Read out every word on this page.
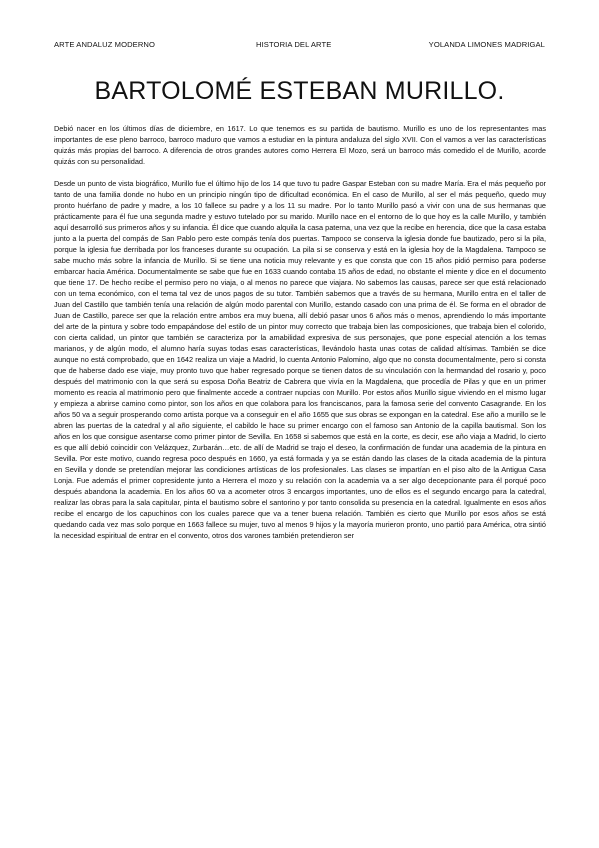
ARTE ANDALUZ MODERNO	HISTORIA DEL ARTE	YOLANDA LIMONES MADRIGAL
BARTOLOMÉ ESTEBAN MURILLO.

Debió nacer en los últimos días de diciembre, en 1617. Lo que tenemos es su partida de bautismo. Murillo es uno de los representantes mas importantes de ese pleno barroco, barroco maduro que vamos a estudiar en la pintura andaluza del siglo XVII. Con el vamos a ver las características quizás más propias del barroco. A diferencia de otros grandes autores como Herrera El Mozo, será un barroco más comedido el de Murillo, acorde quizás con su personalidad.

Desde un punto de vista biográfico, Murillo fue el último hijo de los 14 que tuvo tu padre Gaspar Esteban con su madre María. Era el más pequeño por tanto de una familia donde no hubo en un principio ningún tipo de dificultad económica. En el caso de Murillo, al ser el más pequeño, quedo muy pronto huérfano de padre y madre, a los 10 fallece su padre y a los 11 su madre. Por lo tanto Murillo pasó a vivir con una de sus hermanas que prácticamente para él fue una segunda madre y estuvo tutelado por su marido. Murillo nace en el entorno de lo que hoy es la calle Murillo, y también aquí desarrolló sus primeros años y su infancia. Él dice que cuando alquila la casa paterna, una vez que la recibe en herencia, dice que la casa estaba junto a la puerta del compás de San Pablo pero este compás tenía dos puertas. Tampoco se conserva la iglesia donde fue bautizado, pero si la pila, porque la iglesia fue derribada por los franceses durante su ocupación. La pila si se conserva y está en la iglesia hoy de la Magdalena. Tampoco se sabe mucho más sobre la infancia de Murillo. Si se tiene una noticia muy relevante y es que consta que con 15 años pidió permiso para poderse embarcar hacia América. Documentalmente se sabe que fue en 1633 cuando contaba 15 años de edad, no obstante el miente y dice en el documento que tiene 17. De hecho recibe el permiso pero no viaja, o al menos no parece que viajara. No sabemos las causas, parece ser que está relacionado con un tema económico, con el tema tal vez de unos pagos de su tutor. También sabemos que a través de su hermana, Murillo entra en el taller de Juan del Castillo que también tenía una relación de algún modo parental con Murillo, estando casado con una prima de él. Se forma en el obrador de Juan de Castillo, parece ser que la relación entre ambos era muy buena, allí debió pasar unos 6 años más o menos, aprendiendo lo más importante del arte de la pintura y sobre todo empapándose del estilo de un pintor muy correcto que trabaja bien las composiciones, que trabaja bien el colorido, con cierta calidad, un pintor que también se caracteriza por la amabilidad expresiva de sus personajes, que pone especial atención a los temas marianos, y de algún modo, el alumno haría suyas todas esas características, llevándolo hasta unas cotas de calidad altísimas. También se dice aunque no está comprobado, que en 1642 realiza un viaje a Madrid, lo cuenta Antonio Palomino, algo que no consta documentalmente, pero si consta que de haberse dado ese viaje, muy pronto tuvo que haber regresado porque se tienen datos de su vinculación con la hermandad del rosario y, poco después del matrimonio con la que será su esposa Doña Beatriz de Cabrera que vivía en la Magdalena, que procedía de Pilas y que en un primer momento es reacia al matrimonio pero que finalmente accede a contraer nupcias con Murillo. Por estos años Murillo sigue viviendo en el mismo lugar y empieza a abrirse camino como pintor, son los años en que colabora para los franciscanos, para la famosa serie del convento Casagrande. En los años 50 va a seguir prosperando como artista porque va a conseguir en el año 1655 que sus obras se expongan en la catedral. Ese año a murillo se le abren las puertas de la catedral y al año siguiente, el cabildo le hace su primer encargo con el famoso san Antonio de la capilla bautismal. Son los años en los que consigue asentarse como primer pintor de Sevilla. En 1658 si sabemos que está en la corte, es decir, ese año viaja a Madrid, lo cierto es que allí debió coincidir con Velázquez, Zurbarán…etc. de allí de Madrid se trajo el deseo, la confirmación de fundar una academia de la pintura en Sevilla. Por este motivo, cuando regresa poco después en 1660, ya está formada y ya se están dando las clases de la citada academia de la pintura en Sevilla y donde se pretendían mejorar las condiciones artísticas de los profesionales. Las clases se impartían en el piso alto de la Antigua Casa Lonja. Fue además el primer copresidente junto a Herrera el mozo y su relación con la academia va a ser algo decepcionante para él porqué poco después abandona la academia. En los años 60 va a acometer otros 3 encargos importantes, uno de ellos es el segundo encargo para la catedral, realizar las obras para la sala capitular, pinta el bautismo sobre el santorino y por tanto consolida su presencia en la catedral. Igualmente en esos años recibe el encargo de los capuchinos con los cuales parece que va a tener buena relación. También es cierto que Murillo por esos años se está quedando cada vez mas solo porque en 1663 fallece su mujer, tuvo al menos 9 hijos y la mayoría murieron pronto, uno partió para América, otra sintió la necesidad espiritual de entrar en el convento, otros dos varones también pretendieron ser
